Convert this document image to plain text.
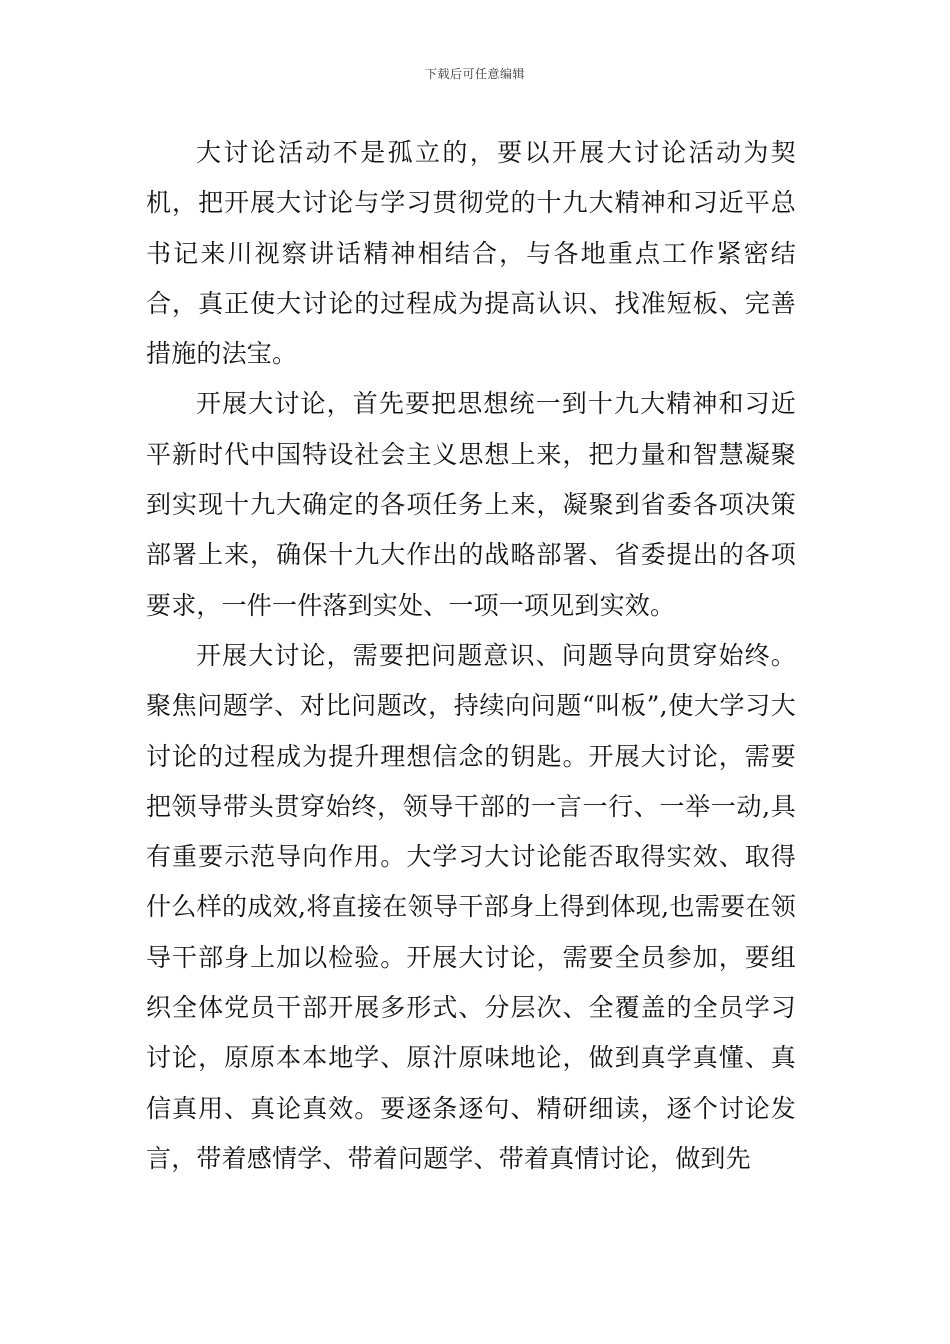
下载后可任意编辑

大讨论活动不是孤立的，要以开展大讨论活动为契机，把开展大讨论与学习贯彻党的十九大精神和习近平总书记来川视察讲话精神相结合，与各地重点工作紧密结合，真正使大讨论的过程成为提高认识、找准短板、完善措施的法宝。

开展大讨论，首先要把思想统一到十九大精神和习近平新时代中国特设社会主义思想上来，把力量和智慧凝聚到实现十九大确定的各项任务上来，凝聚到省委各项决策部署上来，确保十九大作出的战略部署、省委提出的各项要求，一件一件落到实处、一项一项见到实效。

开展大讨论，需要把问题意识、问题导向贯穿始终。聚焦问题学、对比问题改，持续向问题“叫板”,使大学习大讨论的过程成为提升理想信念的钥匙。开展大讨论，需要把领导带头贯穿始终，领导干部的一言一行、一举一动,具有重要示范导向作用。大学习大讨论能否取得实效、取得什么样的成效,将直接在领导干部身上得到体现,也需要在领导干部身上加以检验。开展大讨论，需要全员参加，要组织全体党员干部开展多形式、分层次、全覆盖的全员学习讨论，原原本本地学、原汁原味地论，做到真学真懂、真信真用、真论真效。要逐条逐句、精研细读，逐个讨论发言，带着感情学、带着问题学、带着真情讨论，做到先
